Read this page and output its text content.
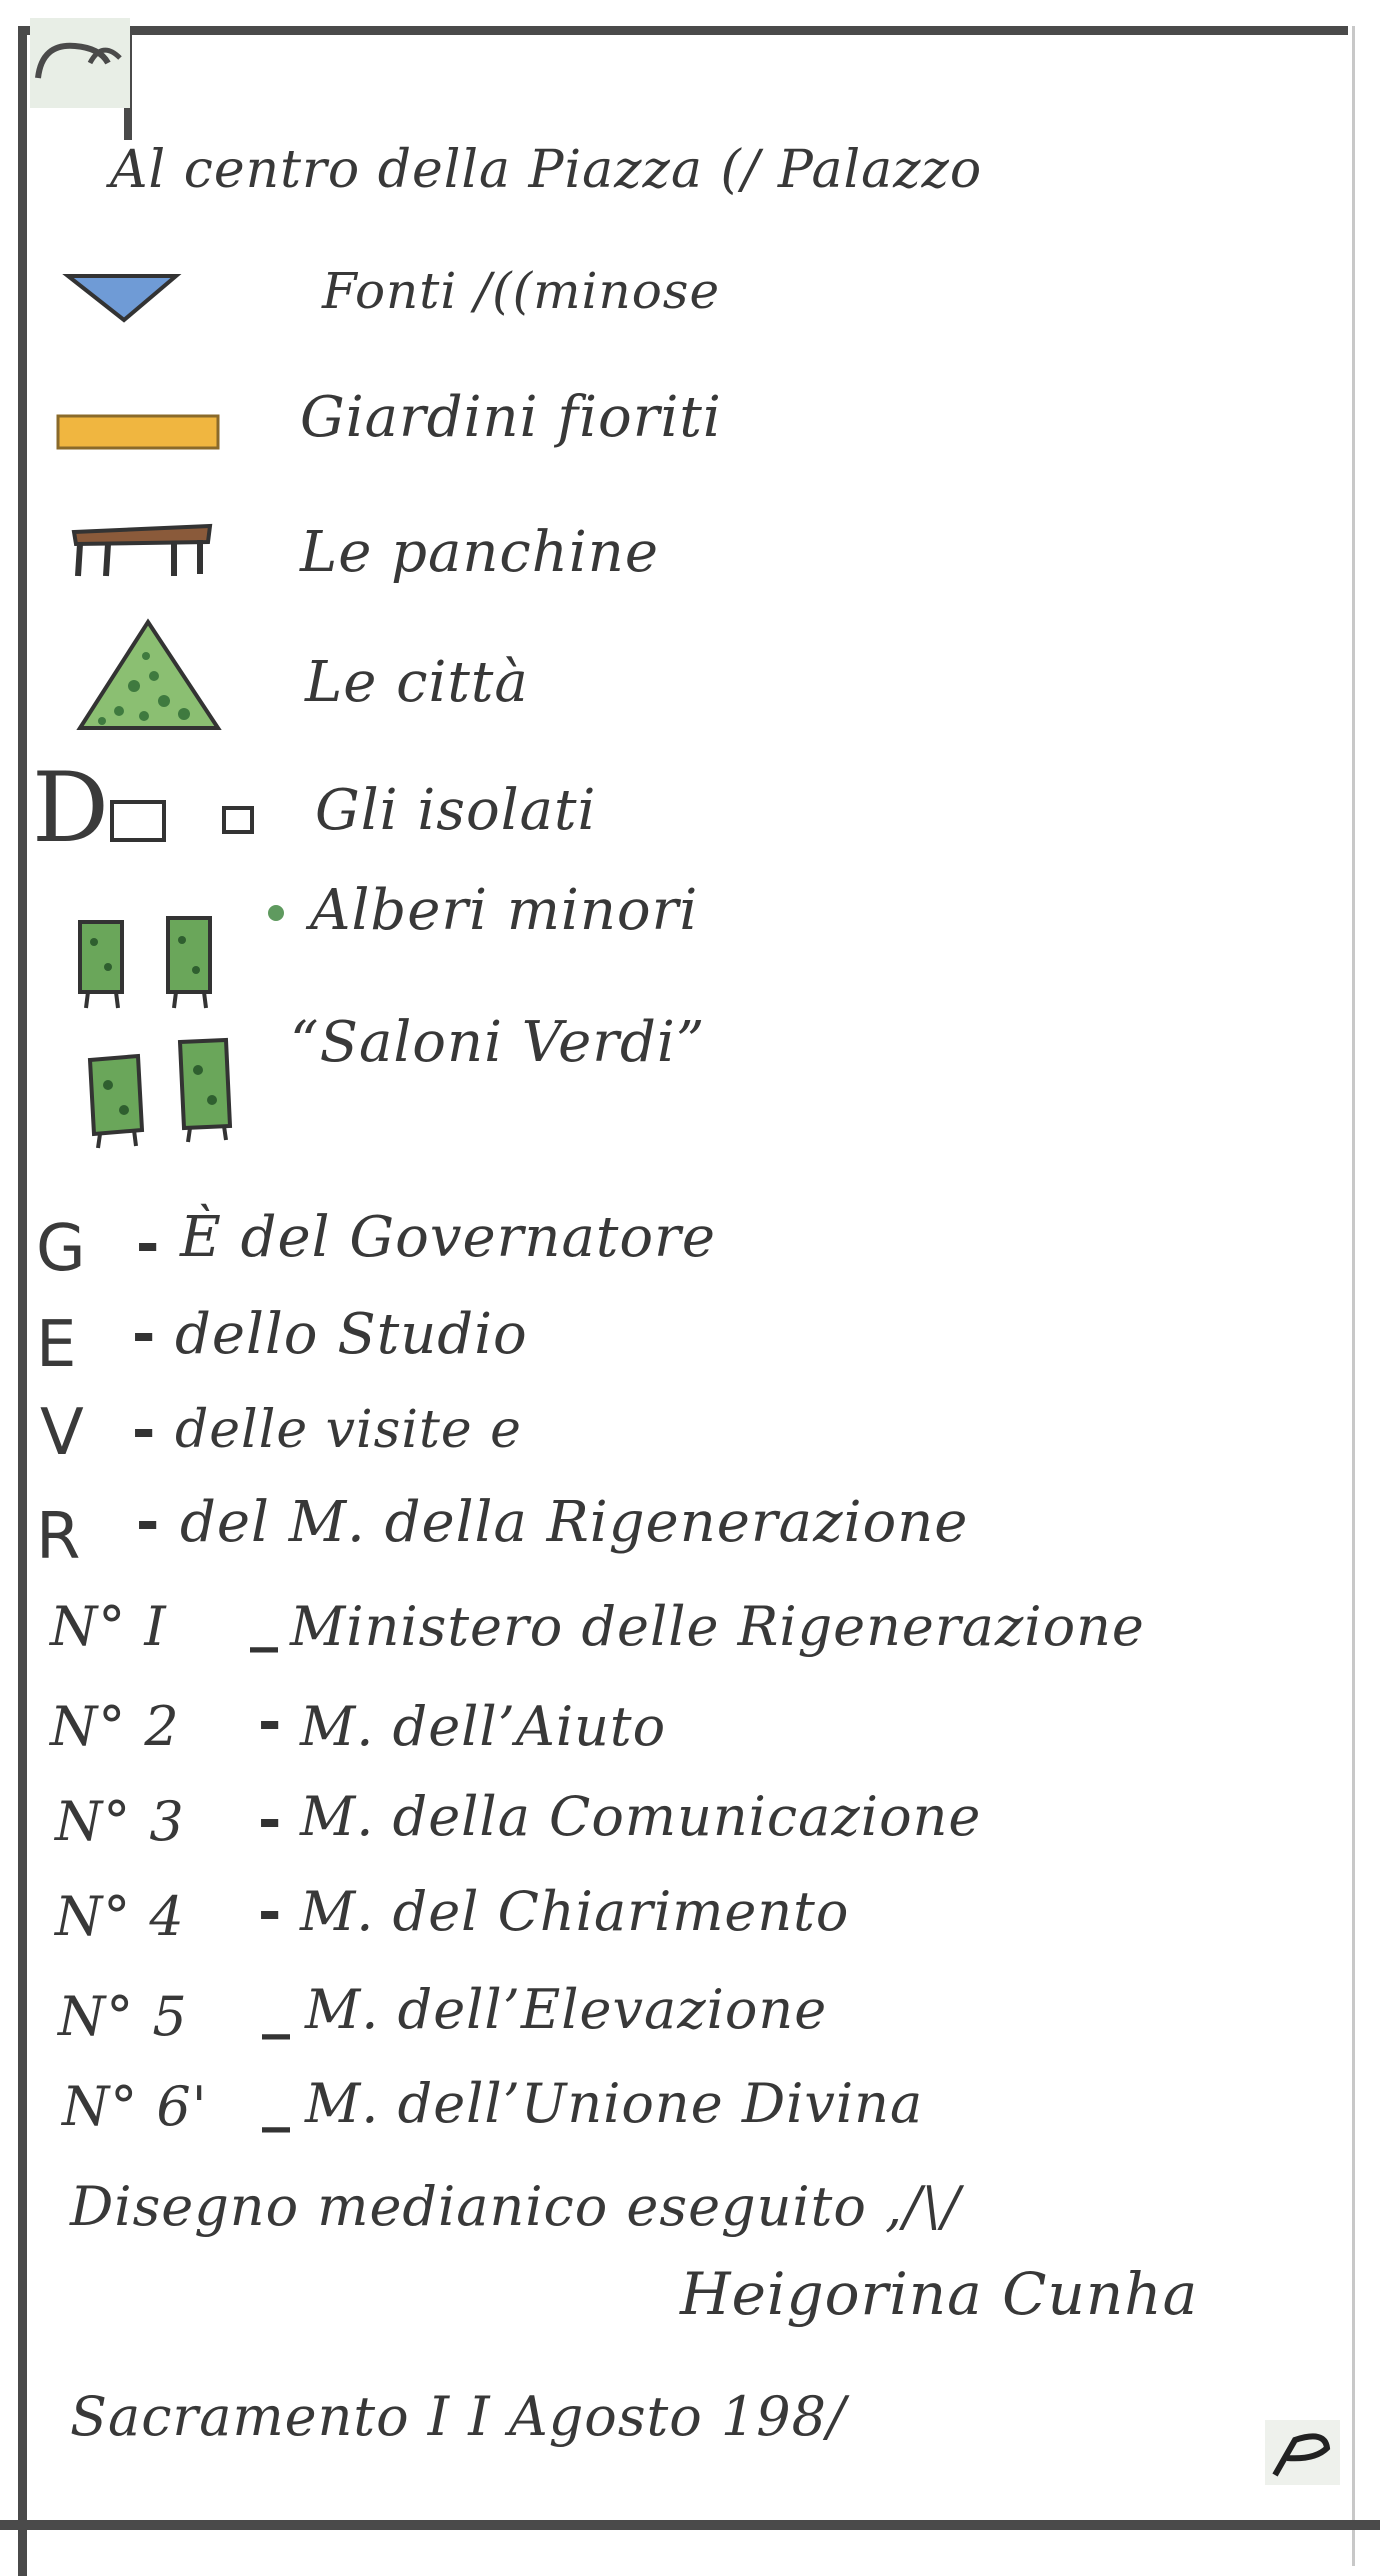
Al centro della Piazza (/ Palazzo
Fonti /((minose
Giardini fioriti
Le panchine
Le città
D	Gli isolati
Alberi minori
“Saloni Verdi”
G - È del Governatore
E - dello Studio
V - delle visite e
R - del M. della Rigenerazione
N° I _ Ministero delle Rigenerazione
N° 2 - M. dell’Aiuto
N° 3 - M. della Comunicazione
N° 4 - M. del Chiarimento
N° 5 _ M. dell’Elevazione
N° 6' _ M. dell’Unione Divina
Disegno medianico eseguito ,/\/
Heigorina Cunha
Sacramento I I Agosto 198/
